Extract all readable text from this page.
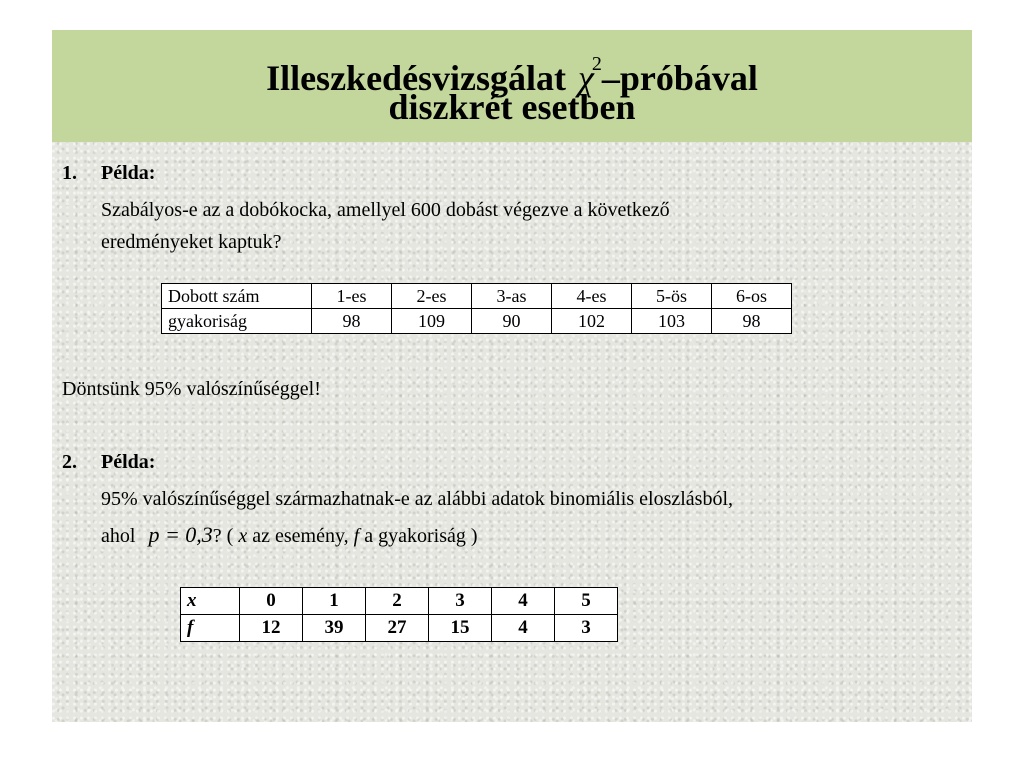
Illeszkedésvizsgálat $\chi^2$–próbával
diszkrét esetben
1. Példa:
Szabályos-e az a dobókocka, amellyel 600 dobást végezve a következő
eredményeket kaptuk?
Dobott szám	1-es	2-es	3-as	4-es	5-ös	6-os
gyakoriság	98	109	90	102	103	98
Döntsünk 95% valószínűséggel!
2. Példa:
95% valószínűséggel származhatnak-e az alábbi adatok binomiális eloszlásból,
ahol p = 0,3? ( x az esemény, f a gyakoriság )
x	0	1	2	3	4	5
f	12	39	27	15	4	3
